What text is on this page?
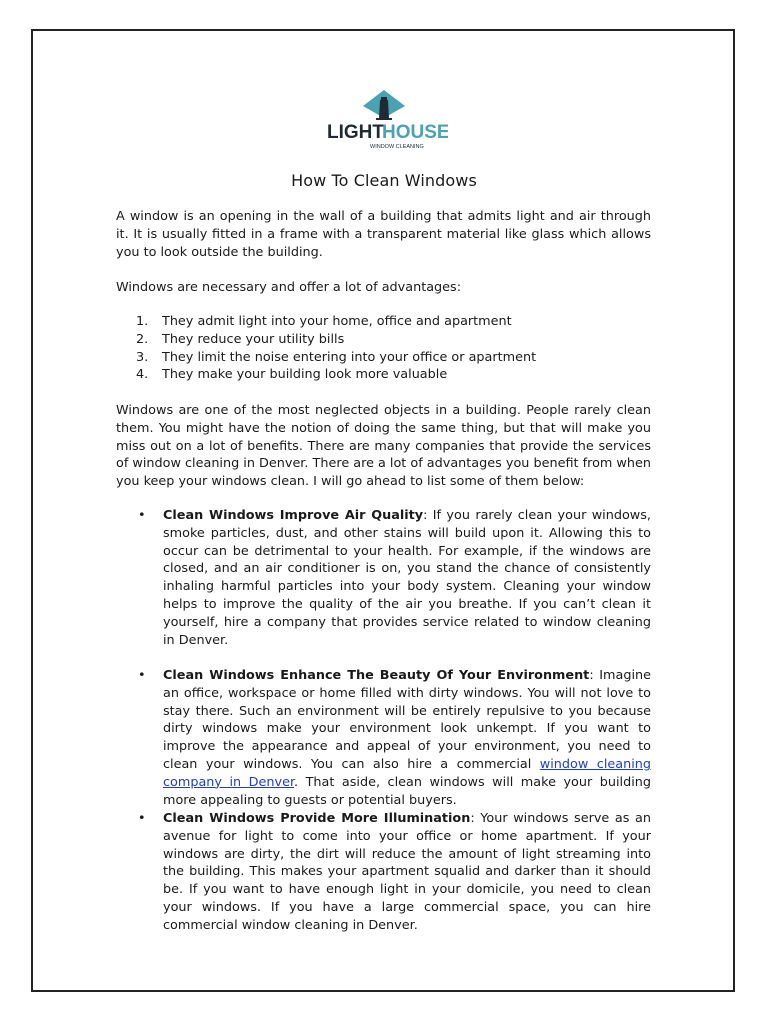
LIGHT
HOUSE
WINDOW CLEANING
How To Clean Windows
A window is an opening in the wall of a building that admits light and air through it. It is usually fitted in a frame with a transparent material like glass which allows you to look outside the building.
Windows are necessary and offer a lot of advantages:
1.	They admit light into your home, office and apartment
2.	They reduce your utility bills
3.	They limit the noise entering into your office or apartment
4.	They make your building look more valuable
Windows are one of the most neglected objects in a building. People rarely clean them. You might have the notion of doing the same thing, but that will make you miss out on a lot of benefits. There are many companies that provide the services of window cleaning in Denver. There are a lot of advantages you benefit from when you keep your windows clean. I will go ahead to list some of them below:
• Clean Windows Improve Air Quality: If you rarely clean your windows, smoke particles, dust, and other stains will build upon it. Allowing this to occur can be detrimental to your health. For example, if the windows are closed, and an air conditioner is on, you stand the chance of consistently inhaling harmful particles into your body system. Cleaning your window helps to improve the quality of the air you breathe. If you can’t clean it yourself, hire a company that provides service related to window cleaning in Denver.
• Clean Windows Enhance The Beauty Of Your Environment: Imagine an office, workspace or home filled with dirty windows. You will not love to stay there. Such an environment will be entirely repulsive to you because dirty windows make your environment look unkempt. If you want to improve the appearance and appeal of your environment, you need to clean your windows. You can also hire a commercial window cleaning company in Denver. That aside, clean windows will make your building more appealing to guests or potential buyers.
• Clean Windows Provide More Illumination: Your windows serve as an avenue for light to come into your office or home apartment. If your windows are dirty, the dirt will reduce the amount of light streaming into the building. This makes your apartment squalid and darker than it should be. If you want to have enough light in your domicile, you need to clean your windows. If you have a large commercial space, you can hire commercial window cleaning in Denver.
